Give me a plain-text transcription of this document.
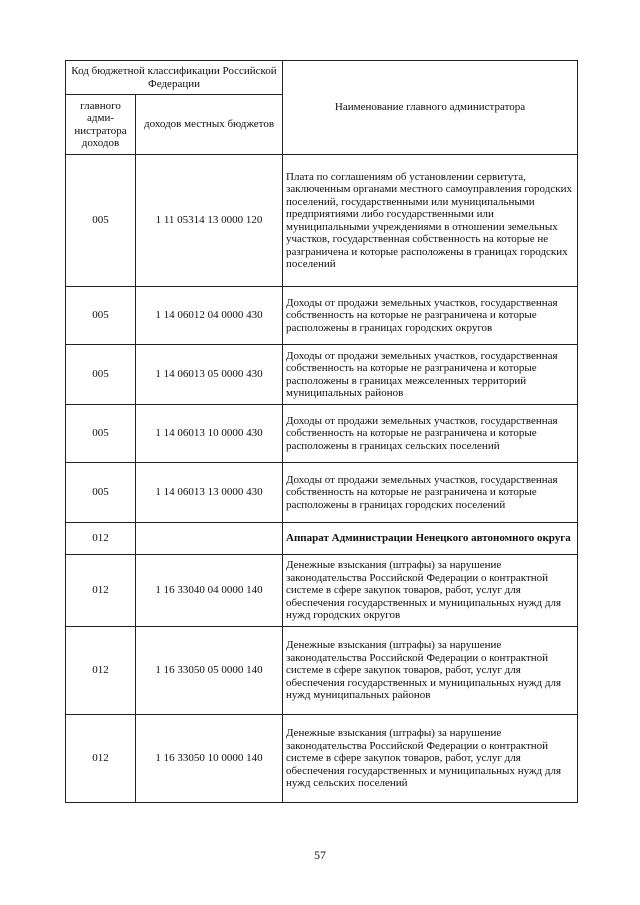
Код бюджетной классификации Российской Федерации		Наименование главного администратора
главного адми-нистратора доходов	доходов местных бюджетов	
005	1 11 05314 13 0000 120	Плата по соглашениям об установлении сервитута, заключенным органами местного самоуправления городских поселений, государственными или муниципальными предприятиями либо государственными или муниципальными учреждениями в отношении земельных участков, государственная собственность на которые не разграничена и которые расположены в границах городских поселений
005	1 14 06012 04 0000 430	Доходы от продажи земельных участков, государственная собственность на которые не разграничена и которые расположены в границах городских округов
005	1 14 06013 05 0000 430	Доходы от продажи земельных участков, государственная собственность на которые не разграничена и которые расположены в границах межселенных территорий муниципальных районов
005	1 14 06013 10 0000 430	Доходы от продажи земельных участков, государственная собственность на которые не разграничена и которые расположены в границах сельских поселений
005	1 14 06013 13 0000 430	Доходы от продажи земельных участков, государственная собственность на которые не разграничена и которые расположены в границах городских поселений
012		Аппарат Администрации Ненецкого автономного округа
012	1 16 33040 04 0000 140	Денежные взыскания (штрафы) за нарушение законодательства Российской Федерации о контрактной системе в сфере закупок товаров, работ, услуг для обеспечения государственных и муниципальных нужд для нужд городских округов
012	1 16 33050 05 0000 140	Денежные взыскания (штрафы) за нарушение законодательства Российской Федерации о контрактной системе в сфере закупок товаров, работ, услуг для обеспечения государственных и муниципальных нужд для нужд муниципальных районов
012	1 16 33050 10 0000 140	Денежные взыскания (штрафы) за нарушение законодательства Российской Федерации о контрактной системе в сфере закупок товаров, работ, услуг для обеспечения государственных и муниципальных нужд для нужд сельских поселений
57
